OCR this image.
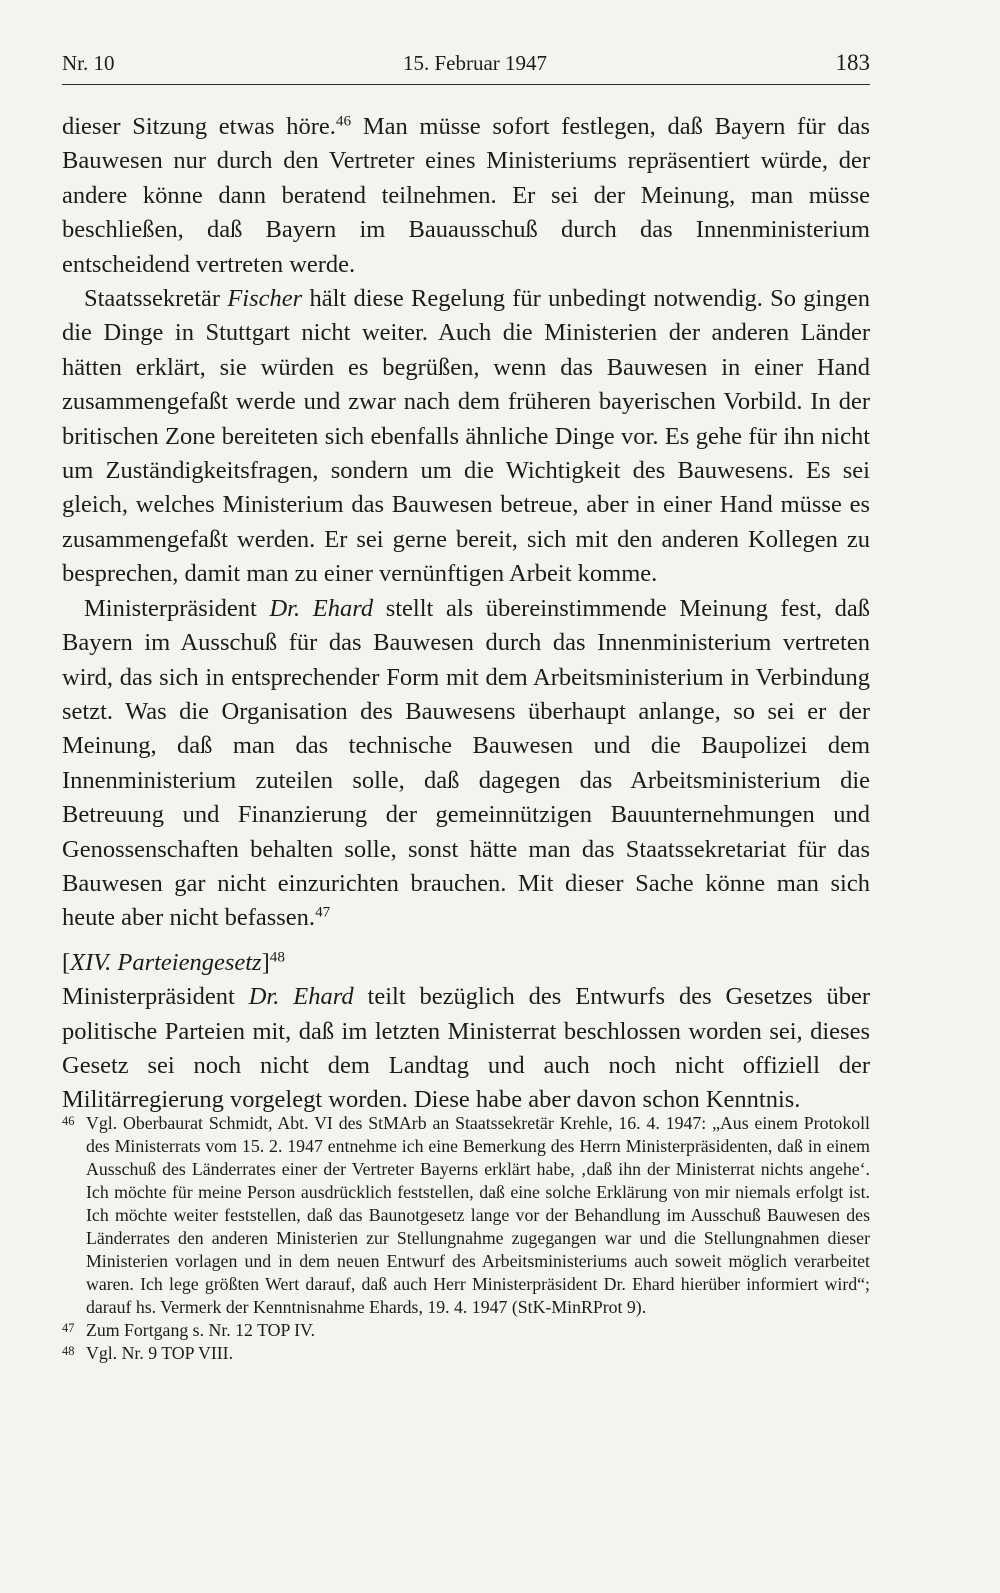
Nr. 10	15. Februar 1947	183

dieser Sitzung etwas höre.$^{46}$ Man müsse sofort festlegen, daß Bayern für das Bauwesen nur durch den Vertreter eines Ministeriums repräsentiert würde, der andere könne dann beratend teilnehmen. Er sei der Meinung, man müsse beschließen, daß Bayern im Bauausschuß durch das Innenministerium entscheidend vertreten werde.

Staatssekretär Fischer hält diese Regelung für unbedingt notwendig. So gingen die Dinge in Stuttgart nicht weiter. Auch die Ministerien der anderen Länder hätten erklärt, sie würden es begrüßen, wenn das Bauwesen in einer Hand zusammengefaßt werde und zwar nach dem früheren bayerischen Vorbild. In der britischen Zone bereiteten sich ebenfalls ähnliche Dinge vor. Es gehe für ihn nicht um Zuständigkeitsfragen, sondern um die Wichtigkeit des Bauwesens. Es sei gleich, welches Ministerium das Bauwesen betreue, aber in einer Hand müsse es zusammengefaßt werden. Er sei gerne bereit, sich mit den anderen Kollegen zu besprechen, damit man zu einer vernünftigen Arbeit komme.

Ministerpräsident Dr. Ehard stellt als übereinstimmende Meinung fest, daß Bayern im Ausschuß für das Bauwesen durch das Innenministerium vertreten wird, das sich in entsprechender Form mit dem Arbeitsministerium in Verbindung setzt. Was die Organisation des Bauwesens überhaupt anlange, so sei er der Meinung, daß man das technische Bauwesen und die Baupolizei dem Innenministerium zuteilen solle, daß dagegen das Arbeitsministerium die Betreuung und Finanzierung der gemeinnützigen Bauunternehmungen und Genossenschaften behalten solle, sonst hätte man das Staatssekretariat für das Bauwesen gar nicht einzurichten brauchen. Mit dieser Sache könne man sich heute aber nicht befassen.$^{47}$

[XIV. Parteiengesetz]$^{48}$

Ministerpräsident Dr. Ehard teilt bezüglich des Entwurfs des Gesetzes über politische Parteien mit, daß im letzten Ministerrat beschlossen worden sei, dieses Gesetz sei noch nicht dem Landtag und auch noch nicht offiziell der Militärregierung vorgelegt worden. Diese habe aber davon schon Kenntnis.

46 Vgl. Oberbaurat Schmidt, Abt. VI des StMArb an Staatssekretär Krehle, 16. 4. 1947: „Aus einem Protokoll des Ministerrats vom 15. 2. 1947 entnehme ich eine Bemerkung des Herrn Ministerpräsidenten, daß in einem Ausschuß des Länderrates einer der Vertreter Bayerns erklärt habe, ‚daß ihn der Ministerrat nichts angehe‘. Ich möchte für meine Person ausdrücklich feststellen, daß eine solche Erklärung von mir niemals erfolgt ist. Ich möchte weiter feststellen, daß das Baunotgesetz lange vor der Behandlung im Ausschuß Bauwesen des Länderrates den anderen Ministerien zur Stellungnahme zugegangen war und die Stellungnahmen dieser Ministerien vorlagen und in dem neuen Entwurf des Arbeitsministeriums auch soweit möglich verarbeitet waren. Ich lege größten Wert darauf, daß auch Herr Ministerpräsident Dr. Ehard hierüber informiert wird“; darauf hs. Vermerk der Kenntnisnahme Ehards, 19. 4. 1947 (StK-MinRProt 9).
47 Zum Fortgang s. Nr. 12 TOP IV.
48 Vgl. Nr. 9 TOP VIII.
